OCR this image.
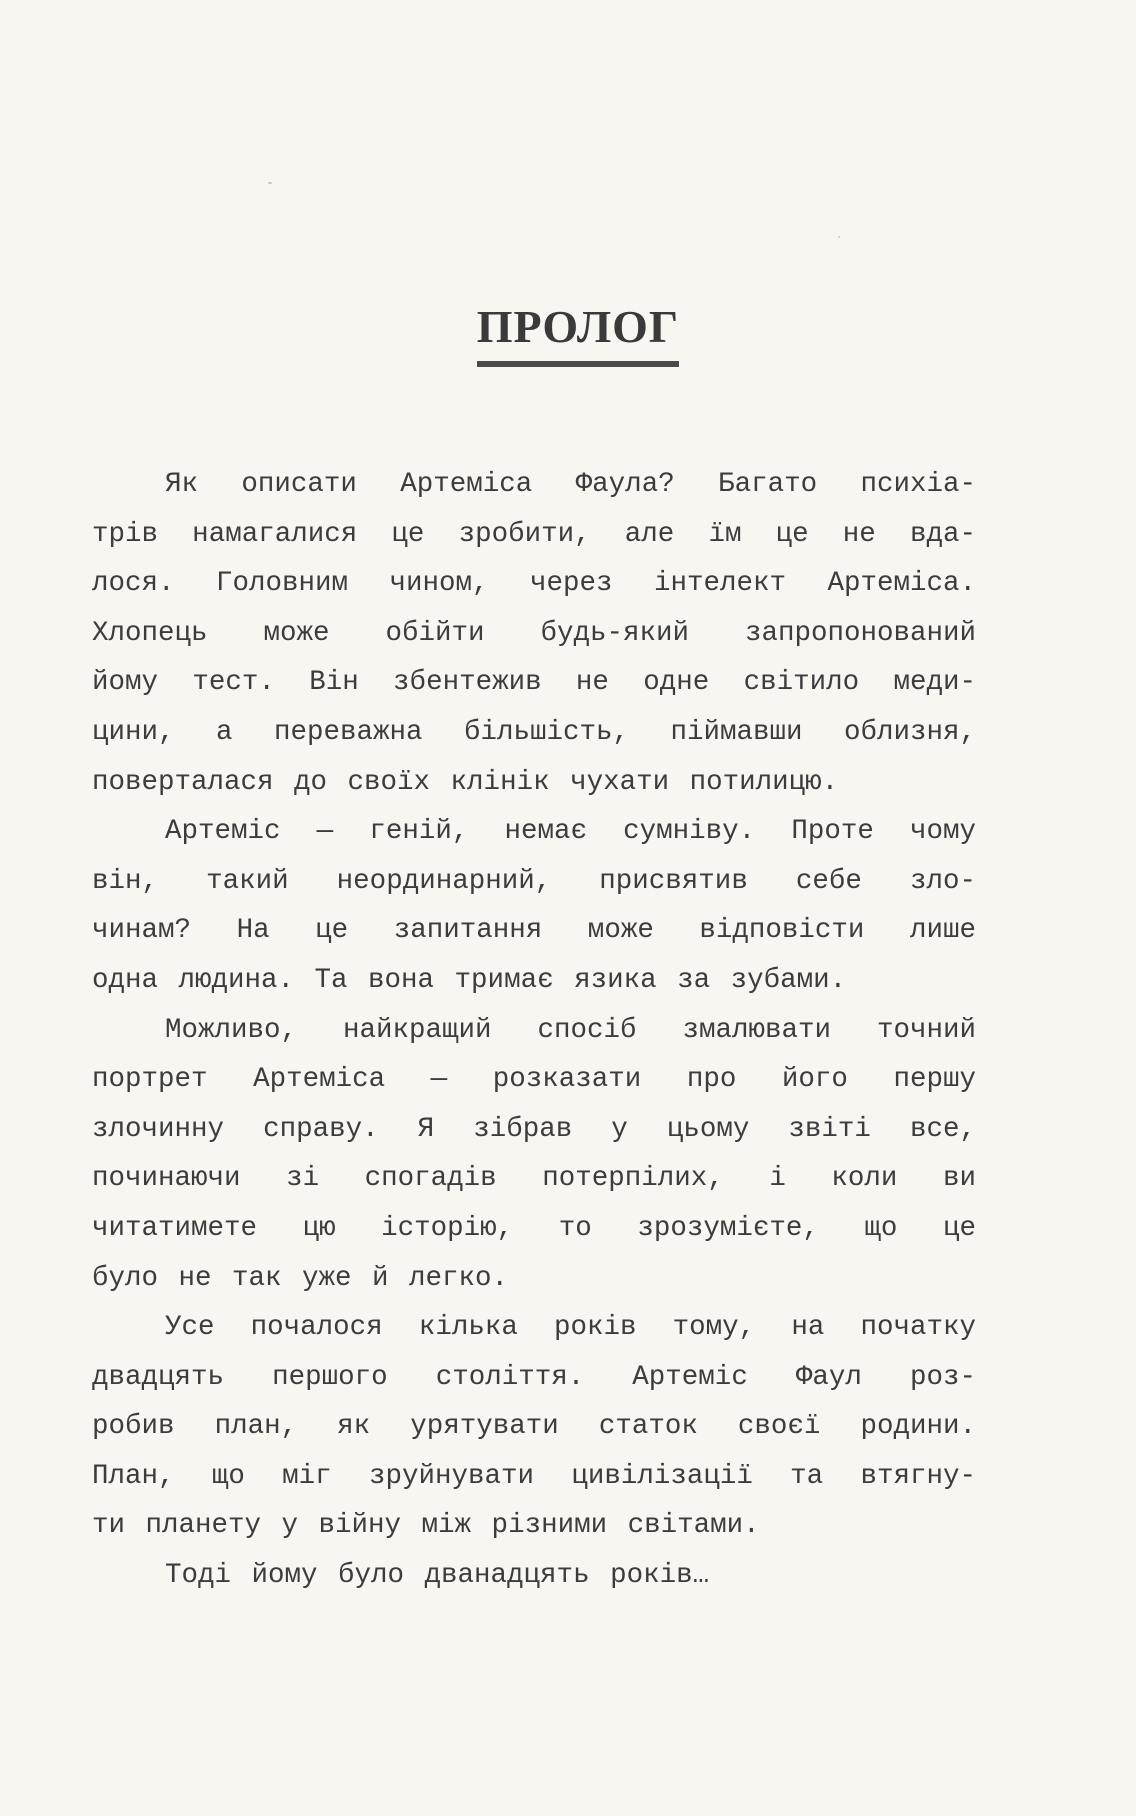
ПРОЛОГ
Як описати Артеміса Фаула? Багато психіа-
трів намагалися це зробити, але їм це не вда-
лося. Головним чином, через інтелект Артеміса.
Хлопець може обійти будь-який запропонований
йому тест. Він збентежив не одне світило меди-
цини, а переважна більшість, піймавши облизня,
поверталася до своїх клінік чухати потилицю.
Артеміс — геній, немає сумніву. Проте чому
він, такий неординарний, присвятив себе зло-
чинам? На це запитання може відповісти лише
одна людина. Та вона тримає язика за зубами.
Можливо, найкращий спосіб змалювати точний
портрет Артеміса — розказати про його першу
злочинну справу. Я зібрав у цьому звіті все,
починаючи зі спогадів потерпілих, і коли ви
читатимете цю історію, то зрозумієте, що це
було не так уже й легко.
Усе почалося кілька років тому, на початку
двадцять першого століття. Артеміс Фаул роз-
робив план, як урятувати статок своєї родини.
План, що міг зруйнувати цивілізації та втягну-
ти планету у війну між різними світами.
Тоді йому було дванадцять років…
